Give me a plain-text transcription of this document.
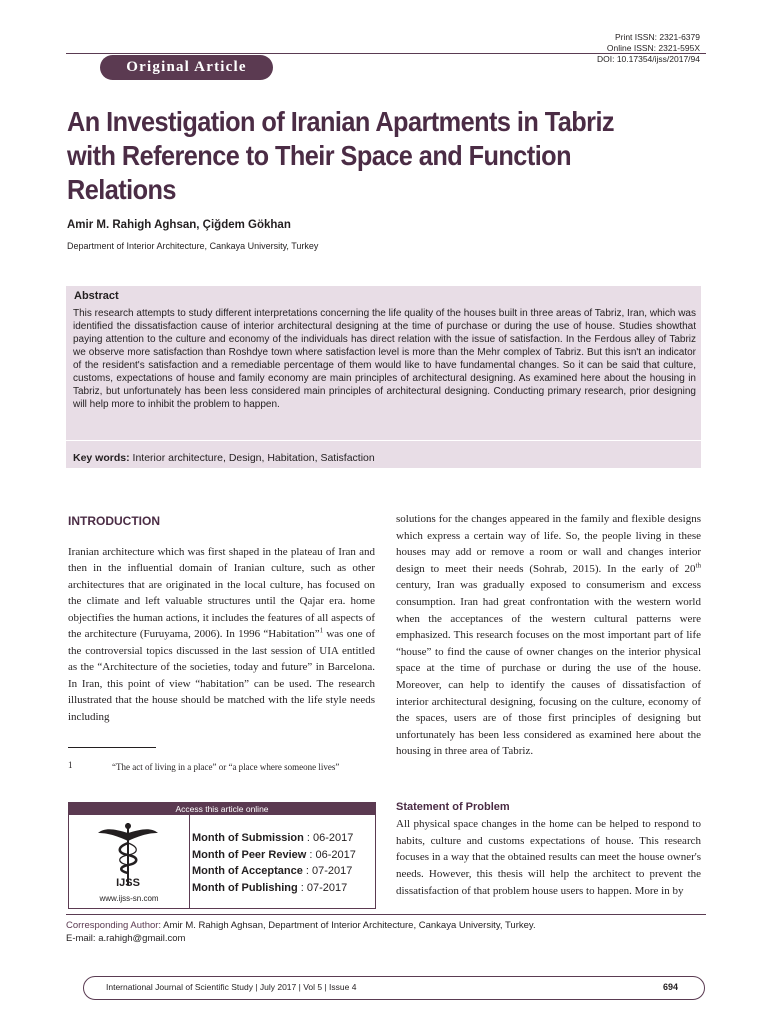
Original Article
Print ISSN: 2321-6379
Online ISSN: 2321-595X
DOI: 10.17354/ijss/2017/94
An Investigation of Iranian Apartments in Tabriz with Reference to Their Space and Function Relations
Amir M. Rahigh Aghsan, Çiğdem Gökhan
Department of Interior Architecture, Cankaya University, Turkey
Abstract
This research attempts to study different interpretations concerning the life quality of the houses built in three areas of Tabriz, Iran, which was identified the dissatisfaction cause of interior architectural designing at the time of purchase or during the use of house. Studies showthat paying attention to the culture and economy of the individuals has direct relation with the issue of satisfaction. In the Ferdous alley of Tabriz we observe more satisfaction than Roshdye town where satisfaction level is more than the Mehr complex of Tabriz. But this isn't an indicator of the resident's satisfaction and a remediable percentage of them would like to have fundamental changes. So it can be said that culture, customs, expectations of house and family economy are main principles of architectural designing. As examined here about the housing in Tabriz, but unfortunately has been less considered main principles of architectural designing. Conducting primary research, prior designing will help more to inhibit the problem to happen.
Key words: Interior architecture, Design, Habitation, Satisfaction
INTRODUCTION
Iranian architecture which was first shaped in the plateau of Iran and then in the influential domain of Iranian culture, such as other architectures that are originated in the local culture, has focused on the climate and left valuable structures until the Qajar era. home objectifies the human actions, it includes the features of all aspects of the architecture (Furuyama, 2006). In 1996 “Habitation”$^1$ was one of the controversial topics discussed in the last session of UIA entitled as the “Architecture of the societies, today and future” in Barcelona. In Iran, this point of view “habitation” can be used. The research illustrated that the house should be matched with the life style needs including
1	“The act of living in a place” or “a place where someone lives”
Access this article online
IJSS
www.ijss-sn.com
Month of Submission : 06-2017
Month of Peer Review : 06-2017
Month of Acceptance : 07-2017
Month of Publishing : 07-2017
solutions for the changes appeared in the family and flexible designs which express a certain way of life. So, the people living in these houses may add or remove a room or wall and changes interior design to meet their needs (Sohrab, 2015). In the early of 20th century, Iran was gradually exposed to consumerism and excess consumption. Iran had great confrontation with the western world when the acceptances of the western cultural patterns were emphasized. This research focuses on the most important part of life “house” to find the cause of owner changes on the interior physical space at the time of purchase or during the use of the house. Moreover, can help to identify the causes of dissatisfaction of interior architectural designing, focusing on the culture, economy of the spaces, users are of those first principles of designing but unfortunately has been less considered as examined here about the housing in three area of Tabriz.
Statement of Problem
All physical space changes in the home can be helped to respond to habits, culture and customs expectations of house. This research focuses in a way that the obtained results can meet the house owner's needs. However, this thesis will help the architect to prevent the dissatisfaction of that problem house users to happen. More in by
Corresponding Author: Amir M. Rahigh Aghsan, Department of Interior Architecture, Cankaya University, Turkey.
E-mail: a.rahigh@gmail.com
International Journal of Scientific Study | July 2017 | Vol 5 | Issue 4	694
